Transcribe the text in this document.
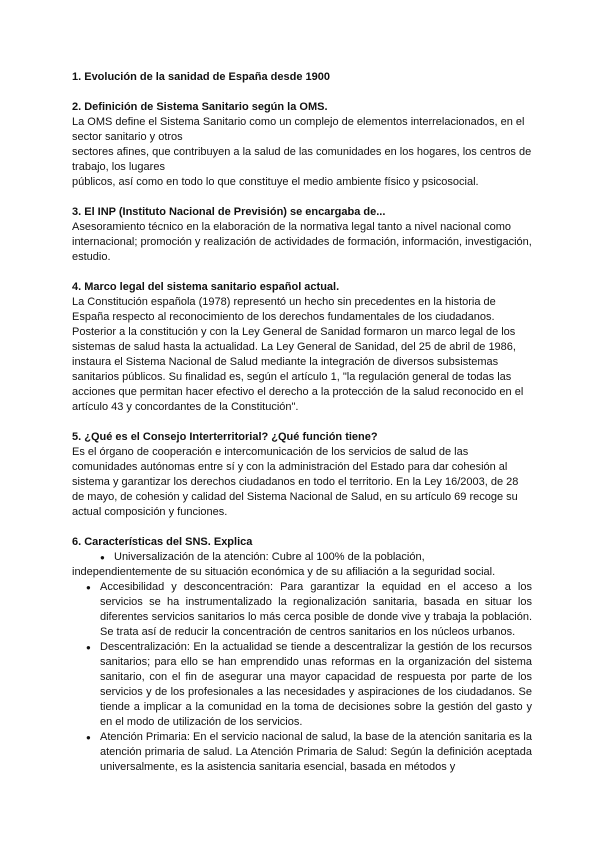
1. Evolución de la sanidad de España desde 1900
2. Definición de Sistema Sanitario según la OMS.

La OMS define el Sistema Sanitario como un complejo de elementos interrelacionados, en el sector sanitario y otros

sectores afines, que contribuyen a la salud de las comunidades en los hogares, los centros de trabajo, los lugares

públicos, así como en todo lo que constituye el medio ambiente físico y psicosocial.

3. El INP (Instituto Nacional de Previsión) se encargaba de...

Asesoramiento técnico en la elaboración de la normativa legal tanto a nivel nacional como internacional; promoción y realización de actividades de formación, información, investigación, estudio.

4. Marco legal del sistema sanitario español actual.

La Constitución española (1978) representó un hecho sin precedentes en la historia de España respecto al reconocimiento de los derechos fundamentales de los ciudadanos. Posterior a la constitución y con la Ley General de Sanidad formaron un marco legal de los sistemas de salud hasta la actualidad. La Ley General de Sanidad, del 25 de abril de 1986, instaura el Sistema Nacional de Salud mediante la integración de diversos subsistemas sanitarios públicos. Su finalidad es, según el artículo 1, "la regulación general de todas las acciones que permitan hacer efectivo el derecho a la protección de la salud reconocido en el artículo 43 y concordantes de la Constitución".

5. ¿Qué es el Consejo Interterritorial? ¿Qué función tiene?

Es el órgano de cooperación e intercomunicación de los servicios de salud de las comunidades autónomas entre sí y con la administración del Estado para dar cohesión al sistema y garantizar los derechos ciudadanos en todo el territorio. En la Ley 16/2003, de 28 de mayo, de cohesión y calidad del Sistema Nacional de Salud, en su artículo 69 recoge su actual composición y funciones.

6. Características del SNS. Explica
● Universalización de la atención: Cubre al 100% de la población,

independientemente de su situación económica y de su afiliación a la seguridad social.

● Accesibilidad y desconcentración: Para garantizar la equidad en el acceso a los servicios se ha instrumentalizado la regionalización sanitaria, basada en situar los diferentes servicios sanitarios lo más cerca posible de donde vive y trabaja la población. Se trata así de reducir la concentración de centros sanitarios en los núcleos urbanos.
● Descentralización: En la actualidad se tiende a descentralizar la gestión de los recursos sanitarios; para ello se han emprendido unas reformas en la organización del sistema sanitario, con el fin de asegurar una mayor capacidad de respuesta por parte de los servicios y de los profesionales a las necesidades y aspiraciones de los ciudadanos. Se tiende a implicar a la comunidad en la toma de decisiones sobre la gestión del gasto y en el modo de utilización de los servicios.
● Atención Primaria: En el servicio nacional de salud, la base de la atención sanitaria es la atención primaria de salud. La Atención Primaria de Salud: Según la definición aceptada universalmente, es la asistencia sanitaria esencial, basada en métodos y
